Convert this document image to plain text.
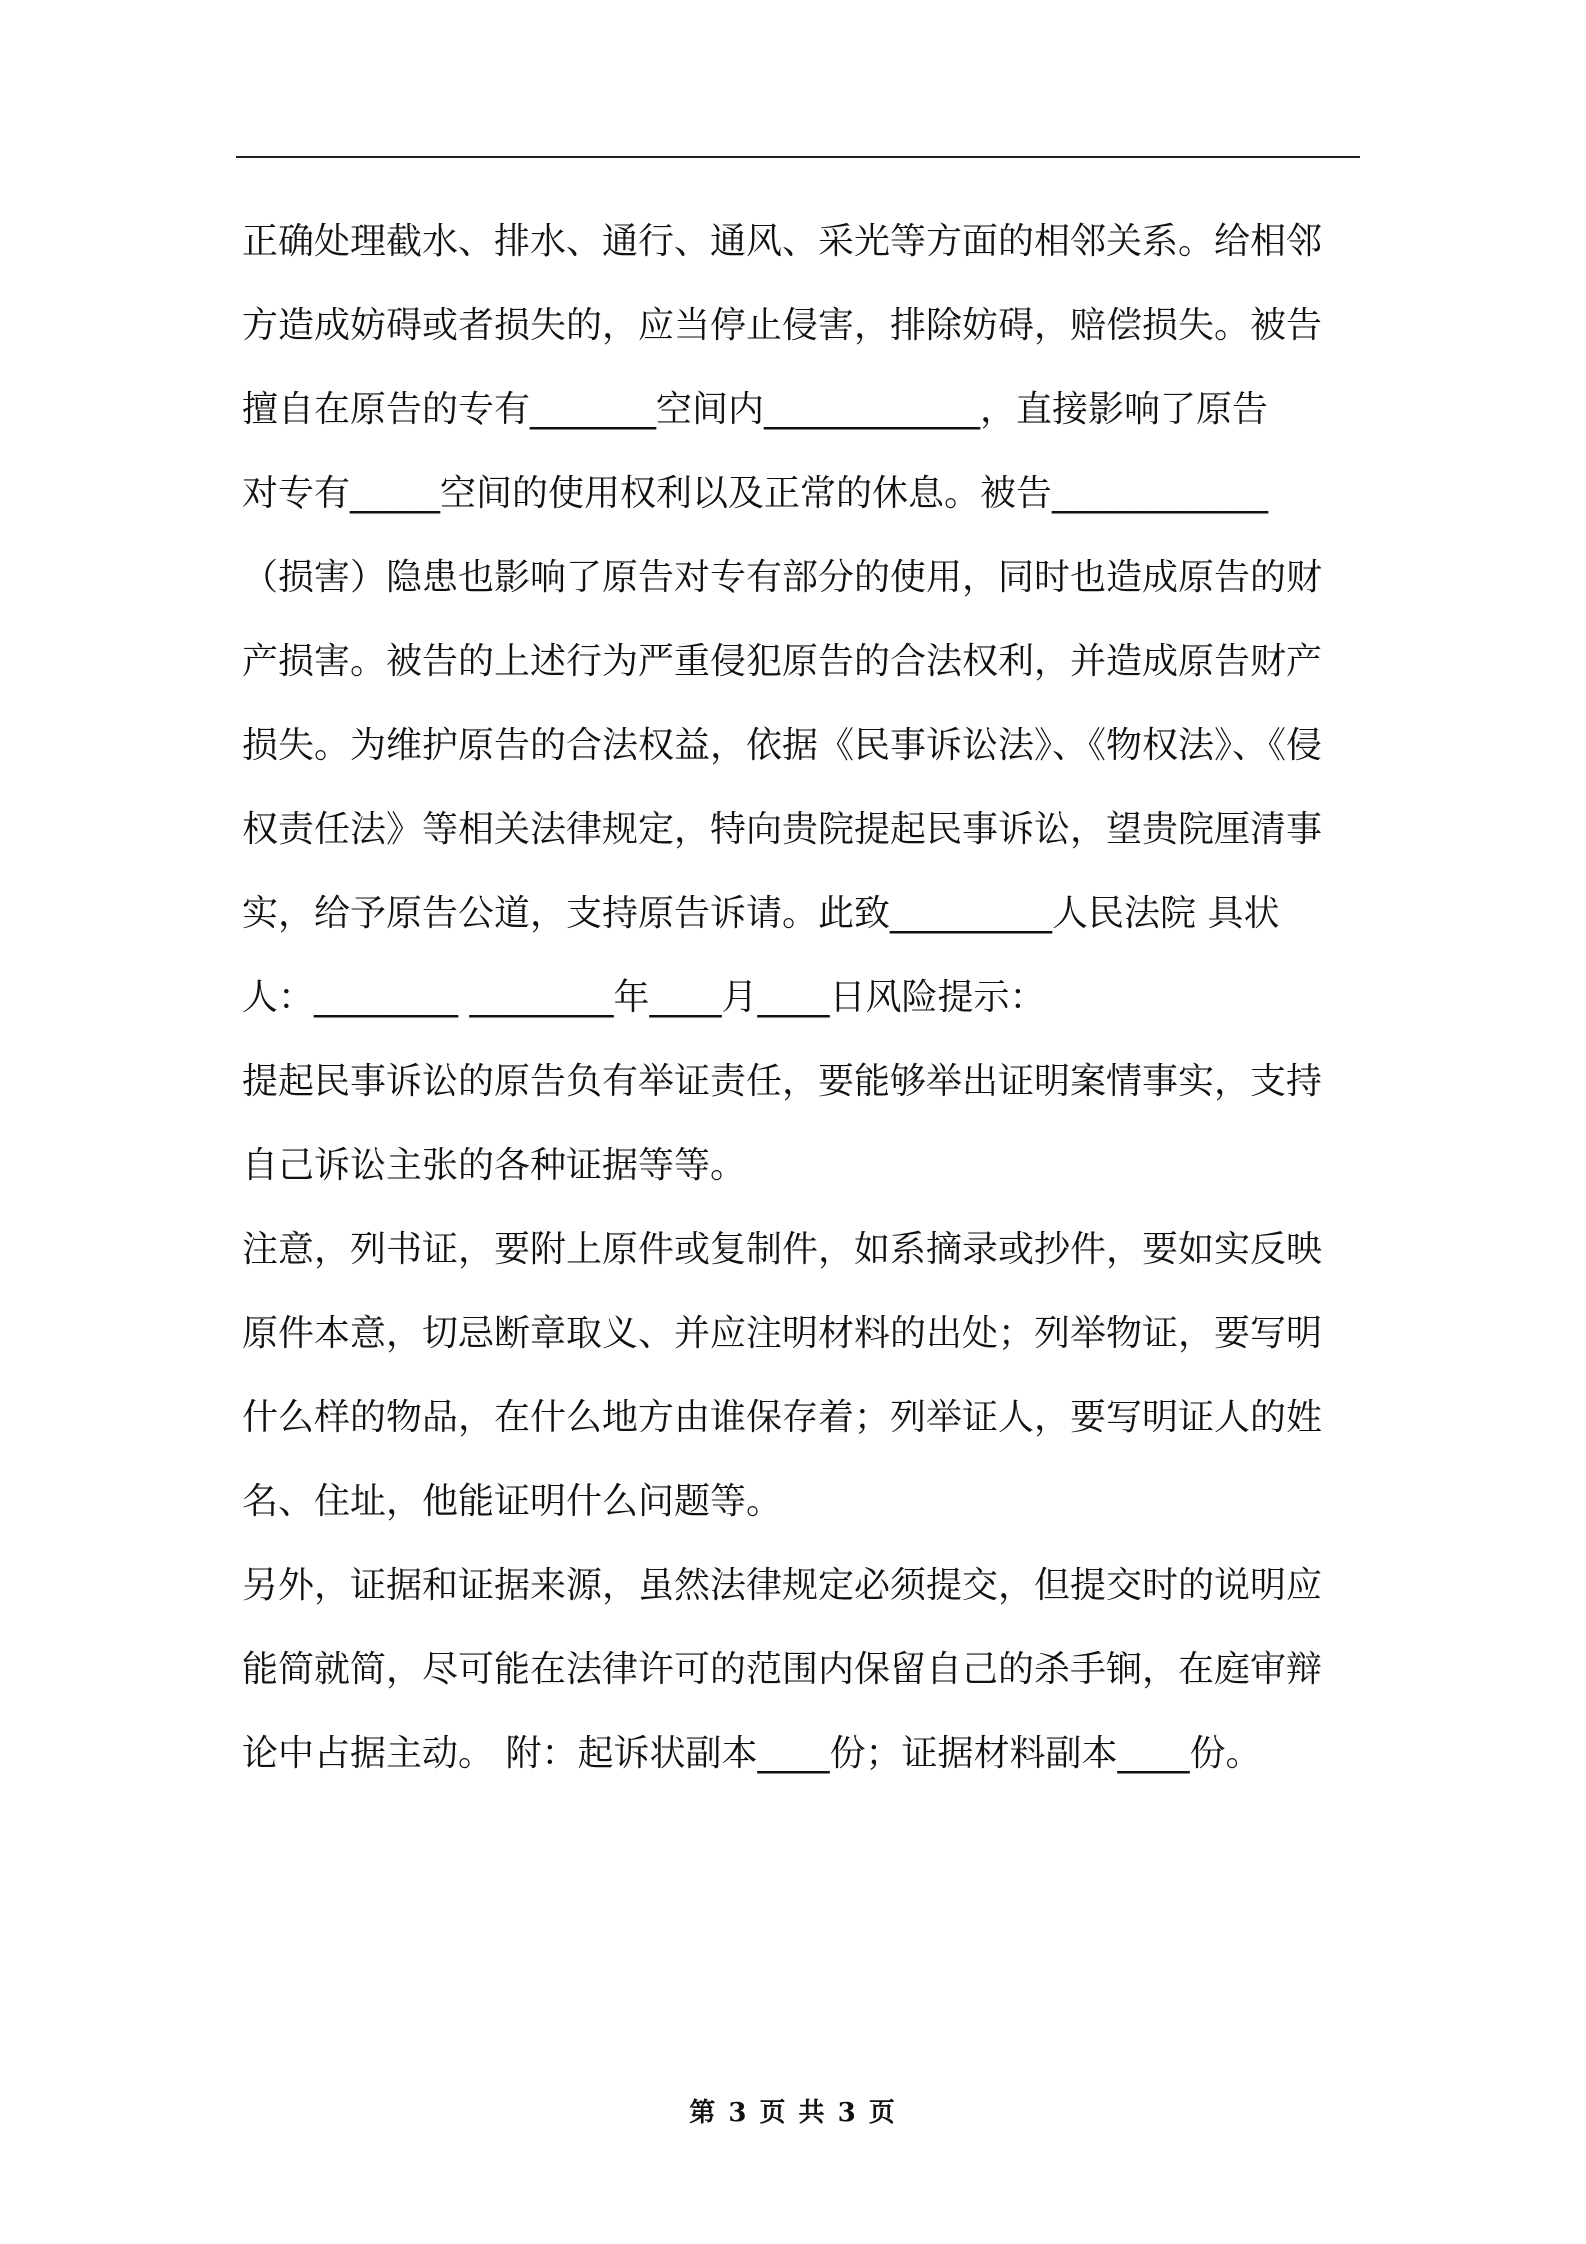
正确处理截水、排水、通行、通风、采光等方面的相邻关系。给相邻
方造成妨碍或者损失的，应当停止侵害，排除妨碍，赔偿损失。被告
擅自在原告的专有_______空间内____________，直接影响了原告
对专有_____空间的使用权利以及正常的休息。被告____________
（损害）隐患也影响了原告对专有部分的使用，同时也造成原告的财
产损害。被告的上述行为严重侵犯原告的合法权利，并造成原告财产
损失。为维护原告的合法权益，依据《民事诉讼法》、《物权法》、《侵
权责任法》等相关法律规定，特向贵院提起民事诉讼，望贵院厘清事
实，给予原告公道，支持原告诉请。此致_________人民法院 具状
人：________ ________年____月____日风险提示：
提起民事诉讼的原告负有举证责任，要能够举出证明案情事实，支持
自己诉讼主张的各种证据等等。
注意，列书证，要附上原件或复制件，如系摘录或抄件，要如实反映
原件本意，切忌断章取义、并应注明材料的出处；列举物证，要写明
什么样的物品，在什么地方由谁保存着；列举证人，要写明证人的姓
名、住址，他能证明什么问题等。
另外，证据和证据来源，虽然法律规定必须提交，但提交时的说明应
能简就简，尽可能在法律许可的范围内保留自己的杀手锏，在庭审辩
论中占据主动。 附：起诉状副本____份；证据材料副本____份。
第 3 页 共 3 页
